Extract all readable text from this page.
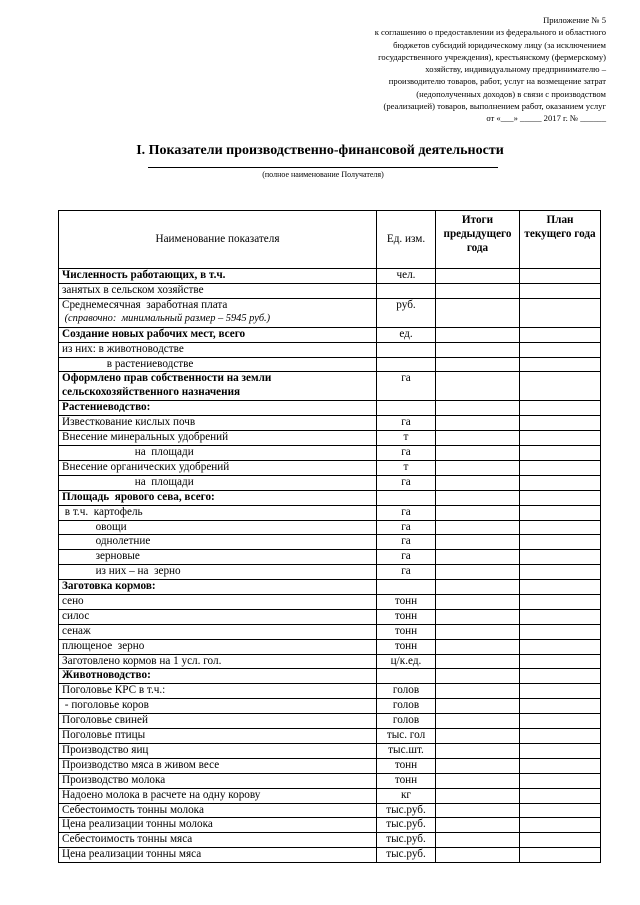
Приложение № 5
к соглашению о предоставлении из федерального и областного
бюджетов субсидий юридическому лицу (за исключением
государственного учреждения), крестьянскому (фермерскому)
хозяйству, индивидуальному предпринимателю –
производителю товаров, работ, услуг на возмещение затрат
(недополученных доходов) в связи с производством
(реализацией) товаров, выполнением работ, оказанием услуг
от «___» _____ 2017 г. № ______
I. Показатели производственно-финансовой деятельности
(полное наименование Получателя)
Наименование показателя	Ед. изм.	Итоги предыдущего года	План текущего года
Численность работающих, в т.ч.	чел.		
занятых в сельском хозяйстве			
Среднемесячная  заработная плата
(справочно:  минимальный размер – 5945 руб.)	руб.		
Создание новых рабочих мест, всего	ед.		
из них: в животноводстве			
в растениеводстве			
Оформлено прав собственности на земли
сельскохозяйственного назначения	га		
Растениеводство:			
Известкование кислых почв	га		
Внесение минеральных удобрений	т		
на  площади	га		
Внесение органических удобрений	т		
на  площади	га		
Площадь  ярового сева, всего:			
в т.ч.  картофель	га		
овощи	га		
однолетние	га		
зерновые	га		
из них – на  зерно	га		
Заготовка кормов:			
сено	тонн		
силос	тонн		
сенаж	тонн		
плющеное  зерно	тонн		
Заготовлено кормов на 1 усл. гол.	ц/к.ед.		
Животноводство:			
Поголовье КРС в т.ч.:	голов		
- поголовье коров	голов		
Поголовье свиней	голов		
Поголовье птицы	тыс. гол		
Производство яиц	тыс.шт.		
Производство мяса в живом весе	тонн		
Производство молока	тонн		
Надоено молока в расчете на одну корову	кг		
Себестоимость тонны молока	тыс.руб.		
Цена реализации тонны молока	тыс.руб.		
Себестоимость тонны мяса	тыс.руб.		
Цена реализации тонны мяса	тыс.руб.		
